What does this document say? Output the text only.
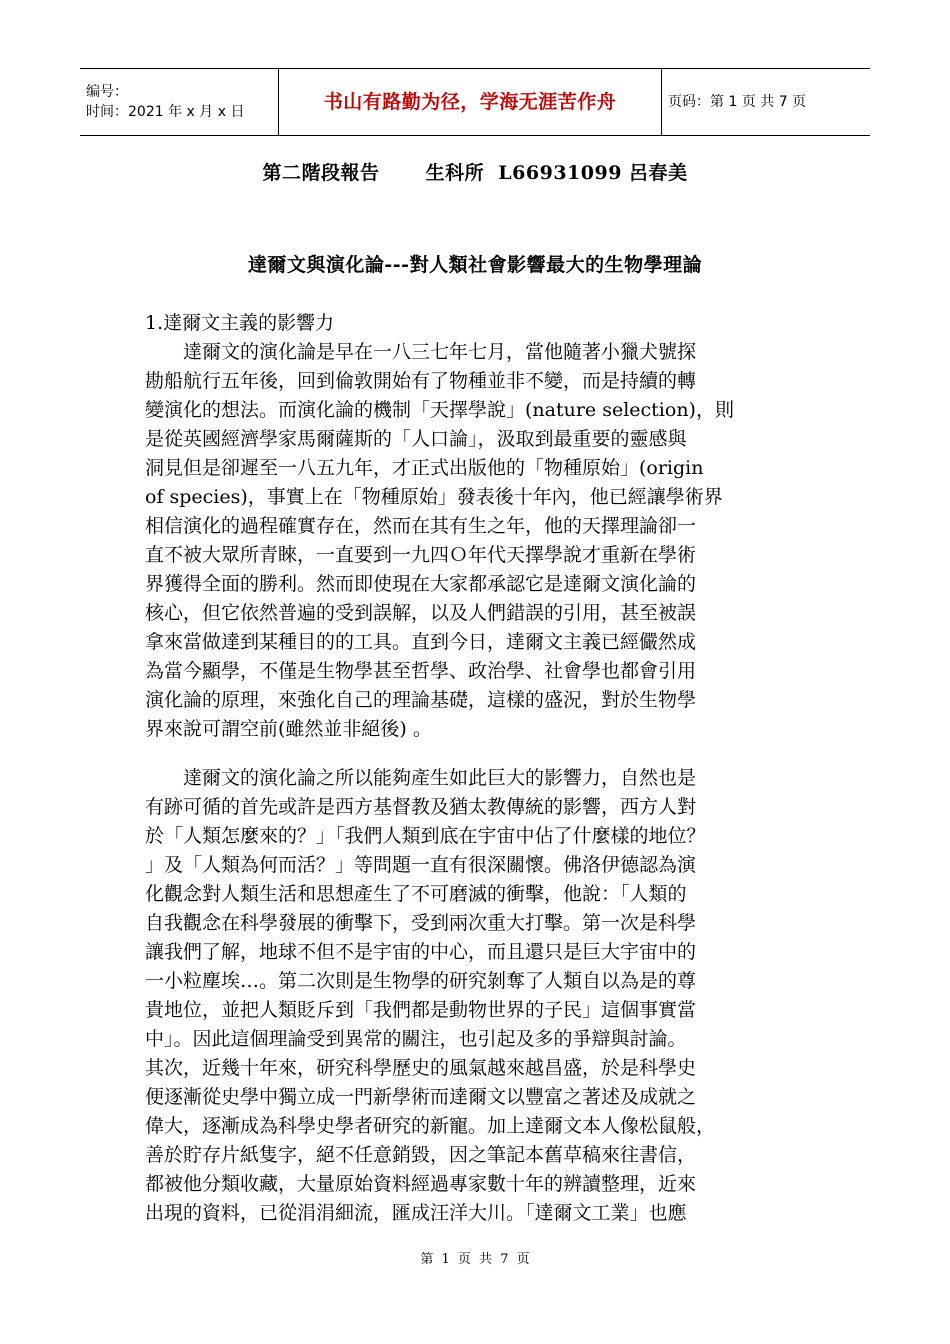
编号：
时间：2021 年 x 月 x 日	书山有路勤为径，学海无涯苦作舟	页码：第 1 页 共 7 页
第二階段報告　　 生科所  L66931099 呂春美
達爾文與演化論---對人類社會影響最大的生物學理論
1.達爾文主義的影響力

　　達爾文的演化論是早在一八三七年七月，當他隨著小獵犬號探
勘船航行五年後，回到倫敦開始有了物種並非不變，而是持續的轉
變演化的想法。而演化論的機制「天擇學說」(nature selection)，則
是從英國經濟學家馬爾薩斯的「人口論」，汲取到最重要的靈感與
洞見但是卻遲至一八五九年，才正式出版他的「物種原始」(origin
of species)，事實上在「物種原始」發表後十年內，他已經讓學術界
相信演化的過程確實存在，然而在其有生之年，他的天擇理論卻一
直不被大眾所青睞，一直要到一九四Ｏ年代天擇學說才重新在學術
界獲得全面的勝利。然而即使現在大家都承認它是達爾文演化論的
核心，但它依然普遍的受到誤解，以及人們錯誤的引用，甚至被誤
拿來當做達到某種目的的工具。直到今日，達爾文主義已經儼然成
為當今顯學，不僅是生物學甚至哲學、政治學、社會學也都會引用
演化論的原理，來強化自己的理論基礎，這樣的盛況，對於生物學
界來說可謂空前(雖然並非絕後) 。

　　達爾文的演化論之所以能夠產生如此巨大的影響力，自然也是
有跡可循的首先或許是西方基督教及猶太教傳統的影響，西方人對
於「人類怎麼來的？」「我們人類到底在宇宙中佔了什麼樣的地位？
」及「人類為何而活？」等問題一直有很深關懷。佛洛伊德認為演
化觀念對人類生活和思想產生了不可磨滅的衝擊，他說：「人類的
自我觀念在科學發展的衝擊下，受到兩次重大打擊。第一次是科學
讓我們了解，地球不但不是宇宙的中心，而且還只是巨大宇宙中的
一小粒塵埃…。第二次則是生物學的研究剝奪了人類自以為是的尊
貴地位，並把人類貶斥到「我們都是動物世界的子民」這個事實當
中」。因此這個理論受到異常的關注，也引起及多的爭辯與討論。
其次，近幾十年來，研究科學歷史的風氣越來越昌盛，於是科學史
便逐漸從史學中獨立成一門新學術而達爾文以豐富之著述及成就之
偉大，逐漸成為科學史學者研究的新寵。加上達爾文本人像松鼠般，
善於貯存片紙隻字，絕不任意銷毀，因之筆記本舊草稿來往書信，
都被他分類收藏，大量原始資料經過專家數十年的辨讀整理，近來
出現的資料，已從涓涓細流，匯成汪洋大川。「達爾文工業」也應

第 1 页 共 7 页
